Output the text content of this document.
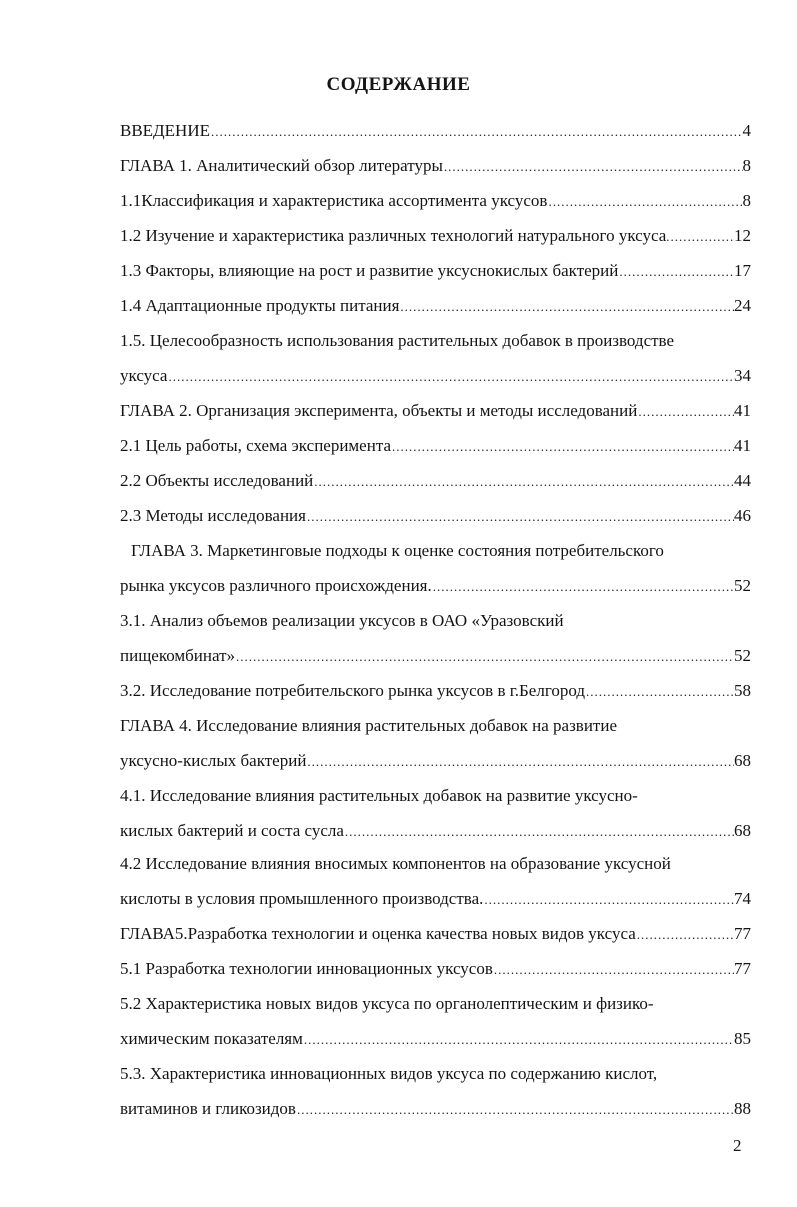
СОДЕРЖАНИЕ
ВВЕДЕНИЕ .....	4
ГЛАВА 1. Аналитический обзор литературы .....	8
1.1Классификация и характеристика ассортимента уксусов .....	8
1.2 Изучение и характеристика различных технологий натурального уксуса .....	12
1.3 Факторы, влияющие на рост и развитие уксуснокислых бактерий .....	17
1.4 Адаптационные продукты питания .....	24
1.5. Целесообразность использования растительных добавок в производстве
уксуса .....	34
ГЛАВА 2. Организация эксперимента, объекты и методы исследований .....	41
2.1 Цель работы, схема эксперимента .....	41
2.2 Объекты исследований .....	44
2.3 Методы исследования .....	46
ГЛАВА 3. Маркетинговые подходы к оценке состояния потребительского
рынка уксусов различного происхождения. .....	52
3.1. Анализ объемов реализации уксусов в ОАО «Уразовский
пищекомбинат» .....	52
3.2. Исследование потребительского рынка уксусов в г.Белгород .....	58
ГЛАВА 4. Исследование влияния растительных добавок на развитие
уксусно-кислых бактерий .....	68
4.1. Исследование влияния растительных добавок на развитие уксусно-
кислых бактерий и соста сусла .....	68
4.2 Исследование влияния вносимых компонентов на образование уксусной
кислоты в условия промышленного производства. .....	74
ГЛАВА5.Разработка технологии и оценка качества новых видов уксуса .....	77
5.1 Разработка технологии инновационных уксусов .....	77
5.2 Характеристика новых видов уксуса по органолептическим и физико-
химическим показателям .....	85
5.3. Характеристика инновационных видов уксуса по содержанию кислот,
витаминов и гликозидов .....	88
2
